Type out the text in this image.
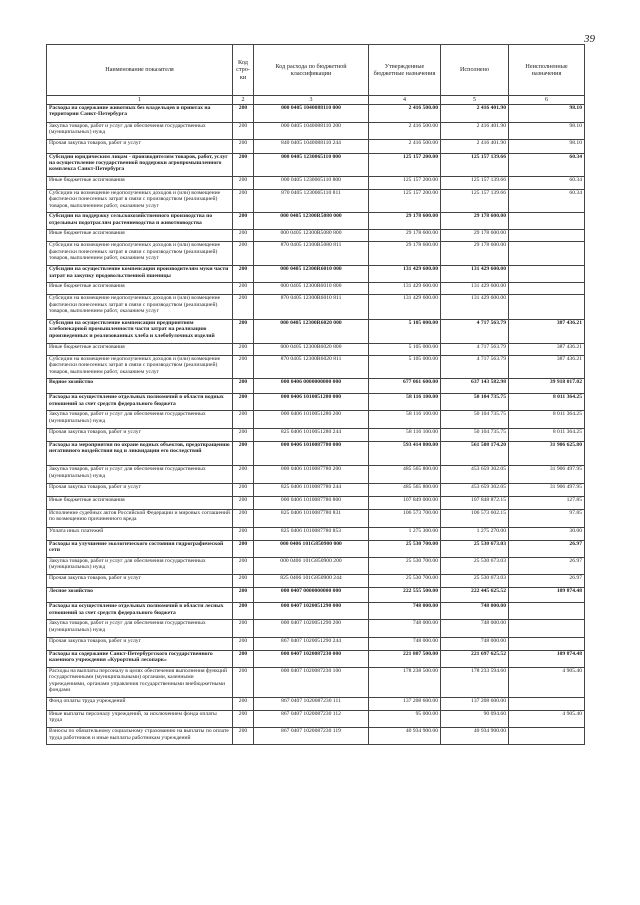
39
Наименование показателя	Код стро-ки	Код расхода по бюджетной классификации	Утвержденные бюджетные назначения	Исполнено	Неисполненные назначения
1	2	3	4	5	6
Расходы на содержание животных без владельцев в приютах на территории Санкт-Петербурга	200	000 0405 1040088110 000	2 416 500.00	2 416 401.90	98.10
Закупка товаров, работ и услуг для обеспечения государственных (муниципальных) нужд	200	000 0405 1040088110 200	2 416 500.00	2 416 401.90	98.10
Прочая закупка товаров, работ и услуг	200	840 0405 1040088110 244	2 416 500.00	2 416 401.90	98.10
Субсидии юридическим лицам - производителям товаров, работ, услуг на осуществление государственной поддержки агропромышленного комплекса Санкт-Петербурга	200	000 0405 1230065110 000	125 157 200.00	125 157 139.66	60.34
Иные бюджетные ассигнования	200	000 0405 1230065110 800	125 157 200.00	125 157 139.66	60.34
Субсидии на возмещение недополученных доходов и (или) возмещение фактически понесенных затрат в связи с производством (реализацией) товаров, выполнением работ, оказанием услуг	200	870 0405 1230065110 811	125 157 200.00	125 157 139.66	60.34
Субсидии на поддержку сельскохозяйственного производства по отдельным подотраслям растениеводства и животноводства	200	000 0405 12300R5080 000	29 178 600.00	29 178 600.00	
Иные бюджетные ассигнования	200	000 0405 12300R5080 800	29 178 600.00	29 178 600.00	
Субсидии на возмещение недополученных доходов и (или) возмещение фактически понесенных затрат в связи с производством (реализацией) товаров, выполнением работ, оказанием услуг	200	870 0405 12300R5080 811	29 178 600.00	29 178 600.00	
Субсидии на осуществление компенсации производителям муки части затрат на закупку продовольственной пшеницы	200	000 0405 12300R6010 000	131 429 600.00	131 429 600.00	
Иные бюджетные ассигнования	200	000 0405 12300R6010 800	131 429 600.00	131 429 600.00	
Субсидии на возмещение недополученных доходов и (или) возмещение фактически понесенных затрат в связи с производством (реализацией) товаров, выполнением работ, оказанием услуг	200	870 0405 12300R6010 811	131 429 600.00	131 429 600.00	
Субсидии на осуществление компенсации предприятиям хлебопекарной промышленности части затрат на реализацию произведенных и реализованных хлеба и хлебобулочных изделий	200	000 0405 12300R6020 000	5 105 000.00	4 717 563.79	387 436.21
Иные бюджетные ассигнования	200	000 0405 12300R6020 800	5 105 000.00	4 717 563.79	387 436.21
Субсидии на возмещение недополученных доходов и (или) возмещение фактически понесенных затрат в связи с производством (реализацией) товаров, выполнением работ, оказанием услуг	200	870 0405 12300R6020 811	5 105 000.00	4 717 563.79	387 436.21
Водное хозяйство	200	000 0406 0000000000 000	677 061 600.00	637 143 582.98	39 918 017.02
Расходы на осуществление отдельных полномочий в области водных отношений за счет средств федерального бюджета	200	000 0406 1010051280 000	58 116 100.00	50 104 735.75	8 011 364.25
Закупка товаров, работ и услуг для обеспечения государственных (муниципальных) нужд	200	000 0406 1010051280 200	58 116 100.00	50 104 735.75	8 011 364.25
Прочая закупка товаров, работ и услуг	200	825 0406 1010051280 244	58 116 100.00	50 104 735.75	8 011 364.25
Расходы на мероприятия по охране водных объектов, предотвращению негативного воздействия вод и ликвидации его последствий	200	000 0406 1010087780 000	593 414 800.00	561 508 174.20	31 906 625.80
Закупка товаров, работ и услуг для обеспечения государственных (муниципальных) нужд	200	000 0406 1010087780 200	485 565 800.00	453 659 302.05	31 906 497.95
Прочая закупка товаров, работ и услуг	200	825 0406 1010087780 244	485 565 800.00	453 659 302.05	31 906 497.95
Иные бюджетные ассигнования	200	000 0406 1010087780 800	107 849 000.00	107 848 872.15	127.85
Исполнение судебных актов Российской Федерации и мировых соглашений по возмещению причиненного вреда	200	825 0406 1010087780 831	106 573 700.00	106 573 602.15	97.85
Уплата иных платежей	200	825 0406 1010087780 853	1 275 300.00	1 275 270.00	30.00
Расходы на улучшение экологического состояния гидрографической сети	200	000 0406 101G850900 000	25 530 700.00	25 530 673.03	26.97
Закупка товаров, работ и услуг для обеспечения государственных (муниципальных) нужд	200	000 0406 101G850900 200	25 530 700.00	25 530 673.03	26.97
Прочая закупка товаров, работ и услуг	200	825 0406 101G850900 244	25 530 700.00	25 530 673.03	26.97
Лесное хозяйство	200	000 0407 0000000000 000	222 555 500.00	222 445 625.52	109 874.48
Расходы на осуществление отдельных полномочий в области лесных отношений за счет средств федерального бюджета	200	000 0407 1020051290 000	748 000.00	748 000.00	
Закупка товаров, работ и услуг для обеспечения государственных (муниципальных) нужд	200	000 0407 1020051290 200	748 000.00	748 000.00	
Прочая закупка товаров, работ и услуг	200	867 0407 1020051290 244	748 000.00	748 000.00	
Расходы на содержание Санкт-Петербургского государственного казенного учреждения «Курортный лесопарк»	200	000 0407 1020087230 000	221 807 500.00	221 697 625.52	109 874.48
Расходы на выплаты персоналу в целях обеспечения выполнения функций государственными (муниципальными) органами, казенными учреждениями, органами управления государственными внебюджетными фондами	200	000 0407 1020087230 100	178 238 500.00	178 233 594.60	4 905.40
Фонд оплаты труда учреждений	200	867 0407 1020087230 111	137 208 600.00	137 208 600.00	
Иные выплаты персоналу учреждений, за исключением фонда оплаты труда	200	867 0407 1020087230 112	95 000.00	90 094.60	4 905.40
Взносы по обязательному социальному страхованию на выплаты по оплате труда работников и иные выплаты работникам учреждений	200	867 0407 1020087230 119	40 934 900.00	40 934 900.00	
